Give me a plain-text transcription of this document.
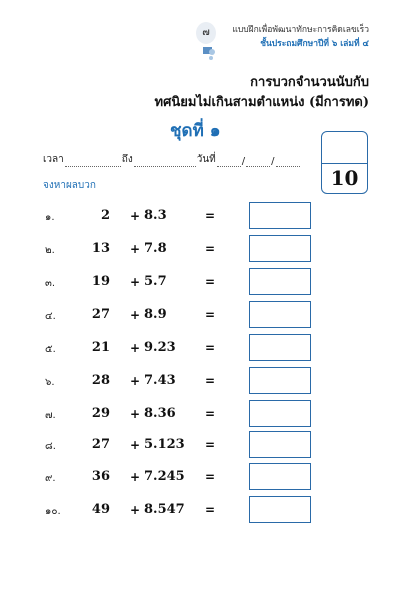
๗	แบบฝึกเพื่อพัฒนาทักษะการคิดเลขเร็ว
ชั้นประถมศึกษาปีที่ ๖ เล่มที่ ๔
การบวกจำนวนนับกับ
ทศนิยมไม่เกินสามตำแหน่ง (มีการทด)
ชุดที่ ๑
10
เวลา	ถึง	วันที่	/	/
จงหาผลบวก
๑.	2 + 8.3	=
๒.	13 + 7.8	=
๓.	19 + 5.7	=
๔.	27 + 8.9	=
๕.	21 + 9.23 =
๖.	28 + 7.43 =
๗.	29 + 8.36 =
๘.	27 + 5.123 =
๙.	36 + 7.245 =
๑๐.	49 + 8.547 =
